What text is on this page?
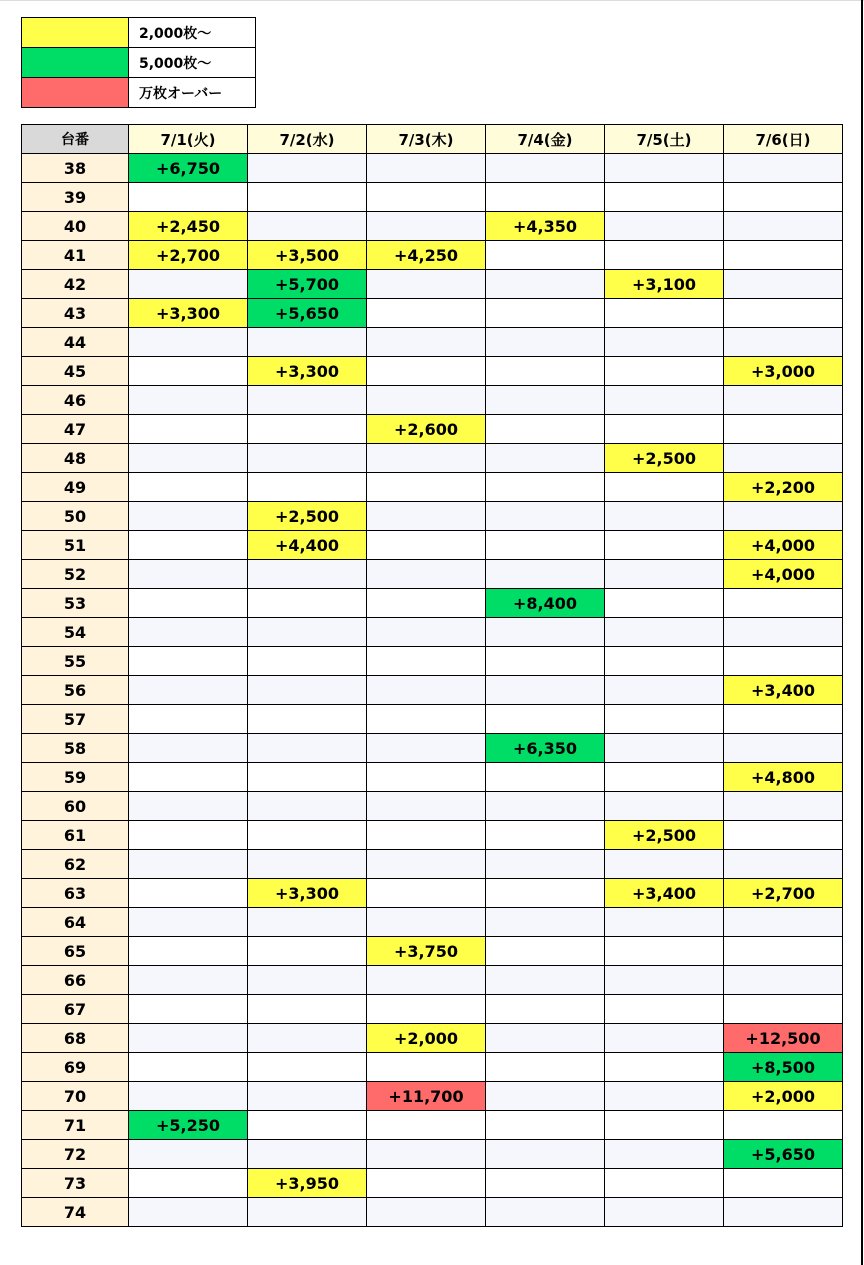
	2,000枚～
	5,000枚～
	万枚オーバー
台番	7/1(火)	7/2(水)	7/3(木)	7/4(金)	7/5(土)	7/6(日)
38	+6,750					
39						
40	+2,450			+4,350		
41	+2,700	+3,500	+4,250			
42		+5,700			+3,100	
43	+3,300	+5,650				
44						
45		+3,300				+3,000
46						
47			+2,600			
48					+2,500	
49						+2,200
50		+2,500				
51		+4,400				+4,000
52						+4,000
53				+8,400		
54						
55						
56						+3,400
57						
58				+6,350		
59						+4,800
60						
61					+2,500	
62						
63		+3,300			+3,400	+2,700
64						
65			+3,750			
66						
67						
68			+2,000			+12,500
69						+8,500
70			+11,700			+2,000
71	+5,250					
72						+5,650
73		+3,950				
74						
